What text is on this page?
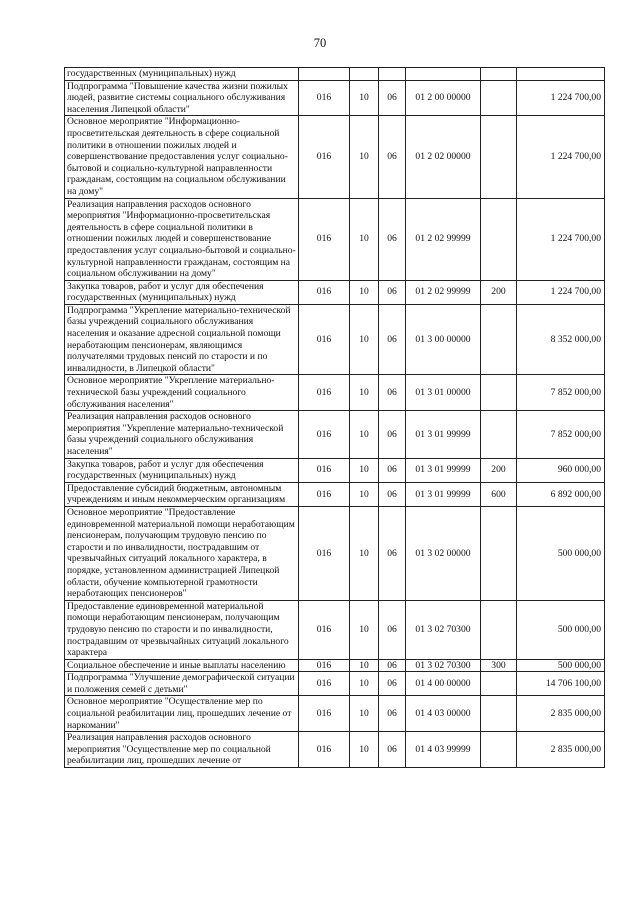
70
государственных (муниципальных) нужд						
Подпрограмма "Повышение качества жизни пожилых людей, развитие системы социального обслуживания населения Липецкой области"	016	10	06	01 2 00 00000		1 224 700,00
Основное мероприятие "Информационно-просветительская деятельность в сфере социальной политики в отношении пожилых людей и совершенствование предоставления услуг социально-бытовой и социально-культурной направленности гражданам, состоящим на социальном обслуживании на дому"	016	10	06	01 2 02 00000		1 224 700,00
Реализация направления расходов основного мероприятия "Информационно-просветительская деятельность в сфере социальной политики в отношении пожилых людей и совершенствование предоставления услуг социально-бытовой и социально-культурной направленности гражданам, состоящим на социальном обслуживании на дому"	016	10	06	01 2 02 99999		1 224 700,00
Закупка товаров, работ и услуг для обеспечения государственных (муниципальных) нужд	016	10	06	01 2 02 99999	200	1 224 700,00
Подпрограмма "Укрепление материально-технической базы учреждений социального обслуживания населения и оказание адресной социальной помощи неработающим пенсионерам, являющимся получателями трудовых пенсий по старости и по инвалидности, в Липецкой области"	016	10	06	01 3 00 00000		8 352 000,00
Основное мероприятие "Укрепление материально-технической базы учреждений социального обслуживания населения"	016	10	06	01 3 01 00000		7 852 000,00
Реализация направления расходов основного мероприятия "Укрепление материально-технической базы учреждений социального обслуживания населения"	016	10	06	01 3 01 99999		7 852 000,00
Закупка товаров, работ и услуг для обеспечения государственных (муниципальных) нужд	016	10	06	01 3 01 99999	200	960 000,00
Предоставление субсидий бюджетным, автономным учреждениям и иным некоммерческим организациям	016	10	06	01 3 01 99999	600	6 892 000,00
Основное мероприятие "Предоставление единовременной материальной помощи неработающим пенсионерам, получающим трудовую пенсию по старости и по инвалидности, пострадавшим от чрезвычайных ситуаций локального характера, в порядке, установленном администрацией Липецкой области, обучение компьютерной грамотности неработающих пенсионеров"	016	10	06	01 3 02 00000		500 000,00
Предоставление единовременной материальной помощи неработающим пенсионерам, получающим трудовую пенсию по старости и по инвалидности, пострадавшим от чрезвычайных ситуаций локального характера	016	10	06	01 3 02 70300		500 000,00
Социальное обеспечение и иные выплаты населению	016	10	06	01 3 02 70300	300	500 000,00
Подпрограмма "Улучшение демографической ситуации и положения семей с детьми"	016	10	06	01 4 00 00000		14 706 100,00
Основное мероприятие "Осуществление мер по социальной реабилитации лиц, прошедших лечение от наркомании"	016	10	06	01 4 03 00000		2 835 000,00
Реализация направления расходов основного мероприятия "Осуществление мер по социальной реабилитации лиц, прошедших лечение от	016	10	06	01 4 03 99999		2 835 000,00
